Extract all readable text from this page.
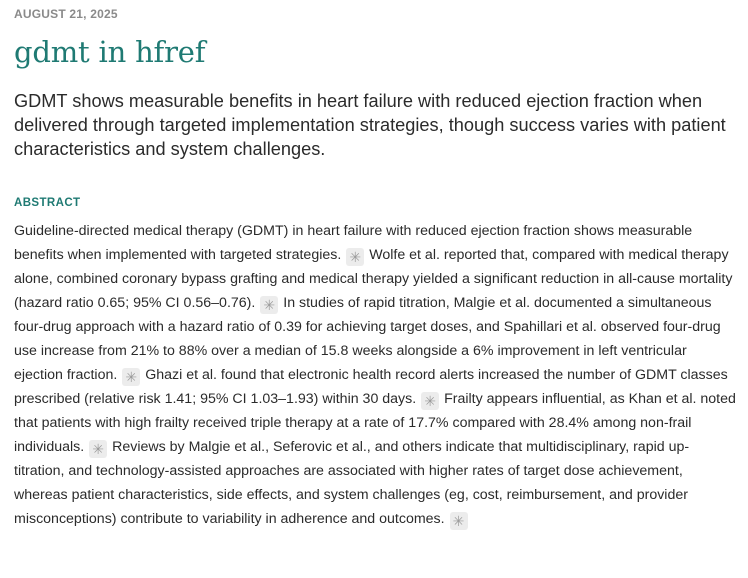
AUGUST 21, 2025
gdmt in hfref
GDMT shows measurable benefits in heart failure with reduced ejection fraction when delivered through targeted implementation strategies, though success varies with patient characteristics and system challenges.
ABSTRACT
Guideline-directed medical therapy (GDMT) in heart failure with reduced ejection fraction shows measurable benefits when implemented with targeted strategies. ✳ Wolfe et al. reported that, compared with medical therapy alone, combined coronary bypass grafting and medical therapy yielded a significant reduction in all-cause mortality (hazard ratio 0.65; 95% CI 0.56–0.76). ✳ In studies of rapid titration, Malgie et al. documented a simultaneous four-drug approach with a hazard ratio of 0.39 for achieving target doses, and Spahillari et al. observed four-drug use increase from 21% to 88% over a median of 15.8 weeks alongside a 6% improvement in left ventricular ejection fraction. ✳ Ghazi et al. found that electronic health record alerts increased the number of GDMT classes prescribed (relative risk 1.41; 95% CI 1.03–1.93) within 30 days. ✳ Frailty appears influential, as Khan et al. noted that patients with high frailty received triple therapy at a rate of 17.7% compared with 28.4% among non-frail individuals. ✳ Reviews by Malgie et al., Seferovic et al., and others indicate that multidisciplinary, rapid up-titration, and technology-assisted approaches are associated with higher rates of target dose achievement, whereas patient characteristics, side effects, and system challenges (eg, cost, reimbursement, and provider misconceptions) contribute to variability in adherence and outcomes. ✳
